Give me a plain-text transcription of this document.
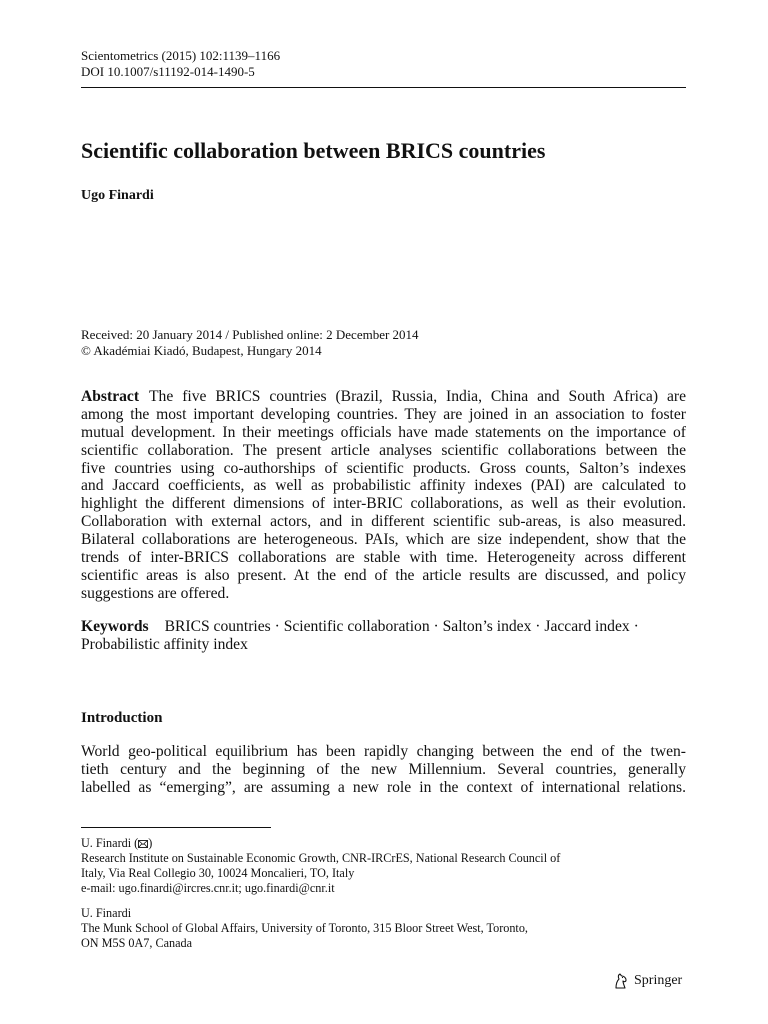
Scientometrics (2015) 102:1139–1166
DOI 10.1007/s11192-014-1490-5
Scientific collaboration between BRICS countries
Ugo Finardi
Received: 20 January 2014 / Published online: 2 December 2014
© Akadémiai Kiadó, Budapest, Hungary 2014
Abstract The five BRICS countries (Brazil, Russia, India, China and South Africa) are
among the most important developing countries. They are joined in an association to foster
mutual development. In their meetings officials have made statements on the importance of
scientific collaboration. The present article analyses scientific collaborations between the
five countries using co-authorships of scientific products. Gross counts, Salton’s indexes
and Jaccard coefficients, as well as probabilistic affinity indexes (PAI) are calculated to
highlight the different dimensions of inter-BRIC collaborations, as well as their evolution.
Collaboration with external actors, and in different scientific sub-areas, is also measured.
Bilateral collaborations are heterogeneous. PAIs, which are size independent, show that the
trends of inter-BRICS collaborations are stable with time. Heterogeneity across different
scientific areas is also present. At the end of the article results are discussed, and policy
suggestions are offered.
Keywords BRICS countries · Scientific collaboration · Salton’s index · Jaccard index ·
Probabilistic affinity index
Introduction
World geo-political equilibrium has been rapidly changing between the end of the twen-
tieth century and the beginning of the new Millennium. Several countries, generally
labelled as “emerging”, are assuming a new role in the context of international relations.
U. Finardi ( )
Research Institute on Sustainable Economic Growth, CNR-IRCrES, National Research Council of
Italy, Via Real Collegio 30, 10024 Moncalieri, TO, Italy
e-mail: ugo.finardi@ircres.cnr.it; ugo.finardi@cnr.it
U. Finardi
The Munk School of Global Affairs, University of Toronto, 315 Bloor Street West, Toronto,
ON M5S 0A7, Canada
Springer
